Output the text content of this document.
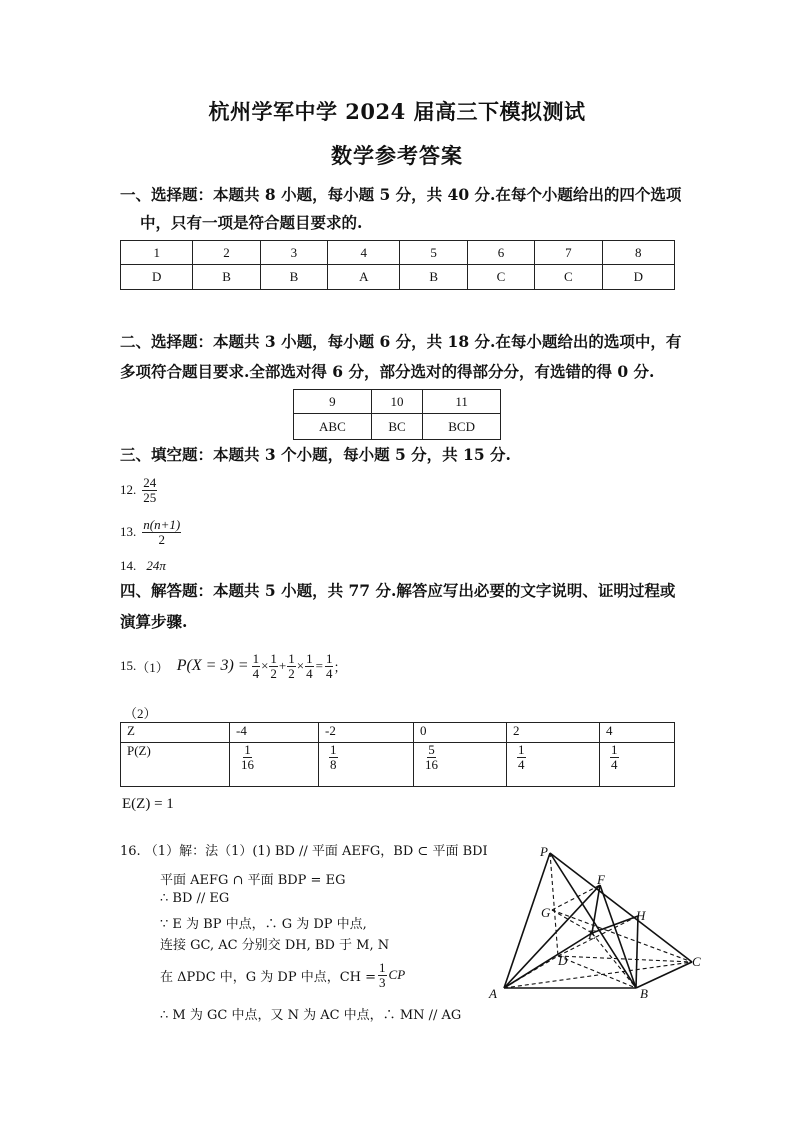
杭州学军中学 2024 届高三下模拟测试
数学参考答案
一、选择题：本题共 8 小题，每小题 5 分，共 40 分.在每个小题给出的四个选项
中，只有一项是符合题目要求的.
1	2	3	4	5	6	7	8
D	B	B	A	B	C	C	D
二、选择题：本题共 3 小题，每小题 6 分，共 18 分.在每小题给出的选项中，有
多项符合题目要求.全部选对得 6 分，部分选对的得部分分，有选错的得 0 分.
9	10	11
ABC	BC	BCD
三、填空题：本题共 3 个小题，每小题 5 分，共 15 分.
12. $\frac{24}{25}$
13. $\frac{n(n+1)}{2}$
14. 24π
四、解答题：本题共 5 小题，共 77 分.解答应写出必要的文字说明、证明过程或
演算步骤.
15. （1） $P(X = 3) = \frac{1}{4} \times \frac{1}{2} + \frac{1}{2} \times \frac{1}{4} = \frac{1}{4}$ ；
（2）
Z	-4	-2	0	2	4
P(Z)	$\frac{1}{16}$	$\frac{1}{8}$	$\frac{5}{16}$	$\frac{1}{4}$	$\frac{1}{4}$
E(Z) = 1
16. （1）解：法（1）(1) BD // 平面 AEFG，BD ⊂ 平面 BDI
平面 AEFG ∩ 平面 BDP = EG
∴ BD // EG
∵ E 为 BP 中点，∴ G 为 DP 中点,
连接 GC, AC 分别交 DH, BD 于 M, N
在 ΔPDC 中，G 为 DP 中点，CH = $\frac{1}{3}$ CP
∴ M 为 GC 中点，又 N 为 AC 中点，∴ MN // AG
P
F
G	H
E
D	C
A	B
